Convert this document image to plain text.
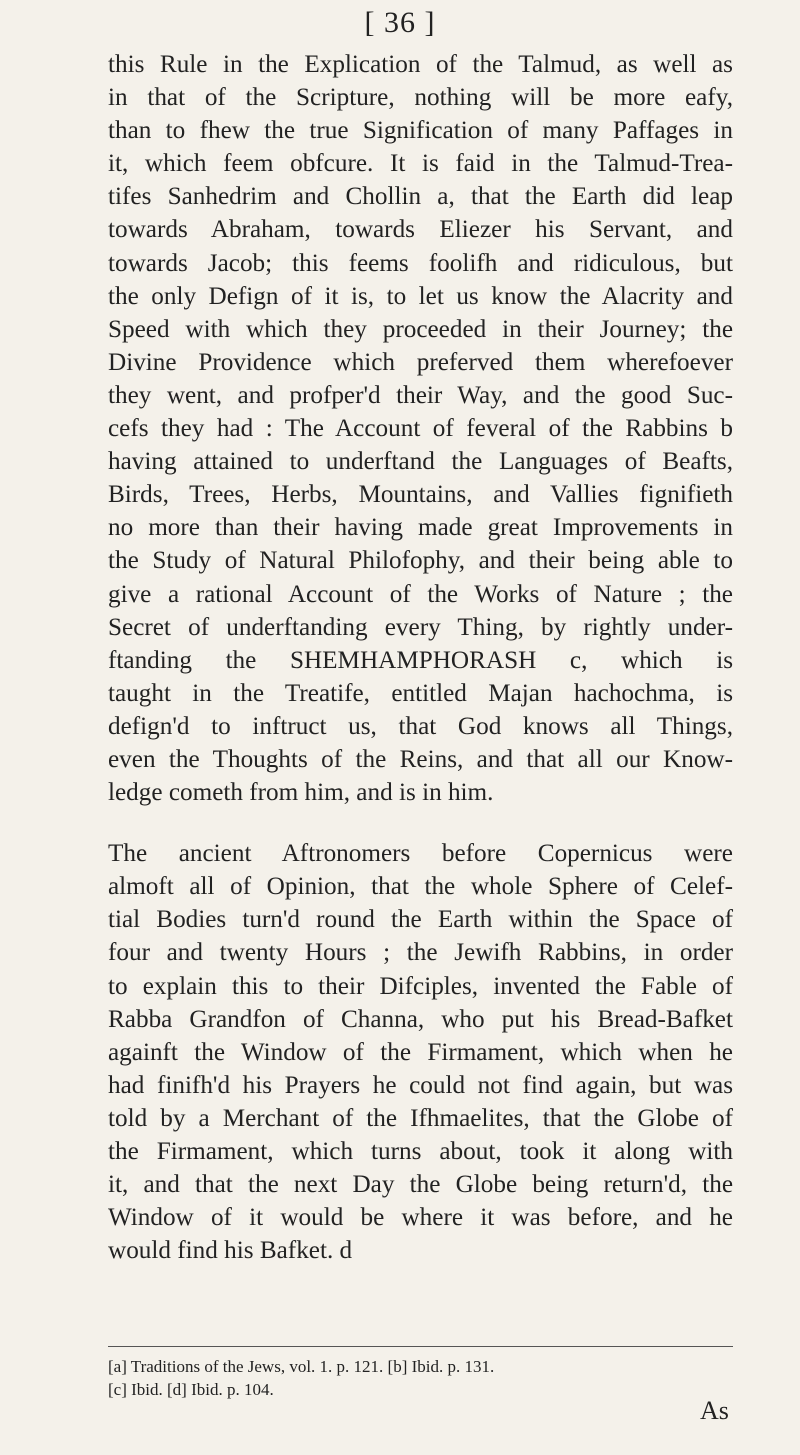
[ 36 ]
this Rule in the Explication of the Talmud, as well as
in that of the Scripture, nothing will be more eafy,
than to fhew the true Signification of many Paffages in
it, which feem obfcure. It is faid in the Talmud-Trea-
tifes Sanhedrim and Chollin a, that the Earth did leap
towards Abraham, towards Eliezer his Servant, and
towards Jacob; this feems foolifh and ridiculous, but
the only Defign of it is, to let us know the Alacrity and
Speed with which they proceeded in their Journey; the
Divine Providence which preferved them wherefoever
they went, and profper'd their Way, and the good Suc-
cefs they had : The Account of feveral of the Rabbins b
having attained to underftand the Languages of Beafts,
Birds, Trees, Herbs, Mountains, and Vallies fignifieth
no more than their having made great Improvements in
the Study of Natural Philofophy, and their being able to
give a rational Account of the Works of Nature ; the
Secret of underftanding every Thing, by rightly under-
ftanding the SHEMHAMPHORASH c, which is
taught in the Treatife, entitled Majan hachochma, is
defign'd to inftruct us, that God knows all Things,
even the Thoughts of the Reins, and that all our Know-
ledge cometh from him, and is in him.
The ancient Aftronomers before Copernicus were
almoft all of Opinion, that the whole Sphere of Celef-
tial Bodies turn'd round the Earth within the Space of
four and twenty Hours ; the Jewifh Rabbins, in order
to explain this to their Difciples, invented the Fable of
Rabba Grandfon of Channa, who put his Bread-Bafket
againft the Window of the Firmament, which when he
had finifh'd his Prayers he could not find again, but was
told by a Merchant of the Ifhmaelites, that the Globe of
the Firmament, which turns about, took it along with
it, and that the next Day the Globe being return'd, the
Window of it would be where it was before, and he
would find his Bafket. d
[a] Traditions of the Jews, vol. 1. p. 121. [b] Ibid. p. 131.
[c] Ibid. [d] Ibid. p. 104.
As
